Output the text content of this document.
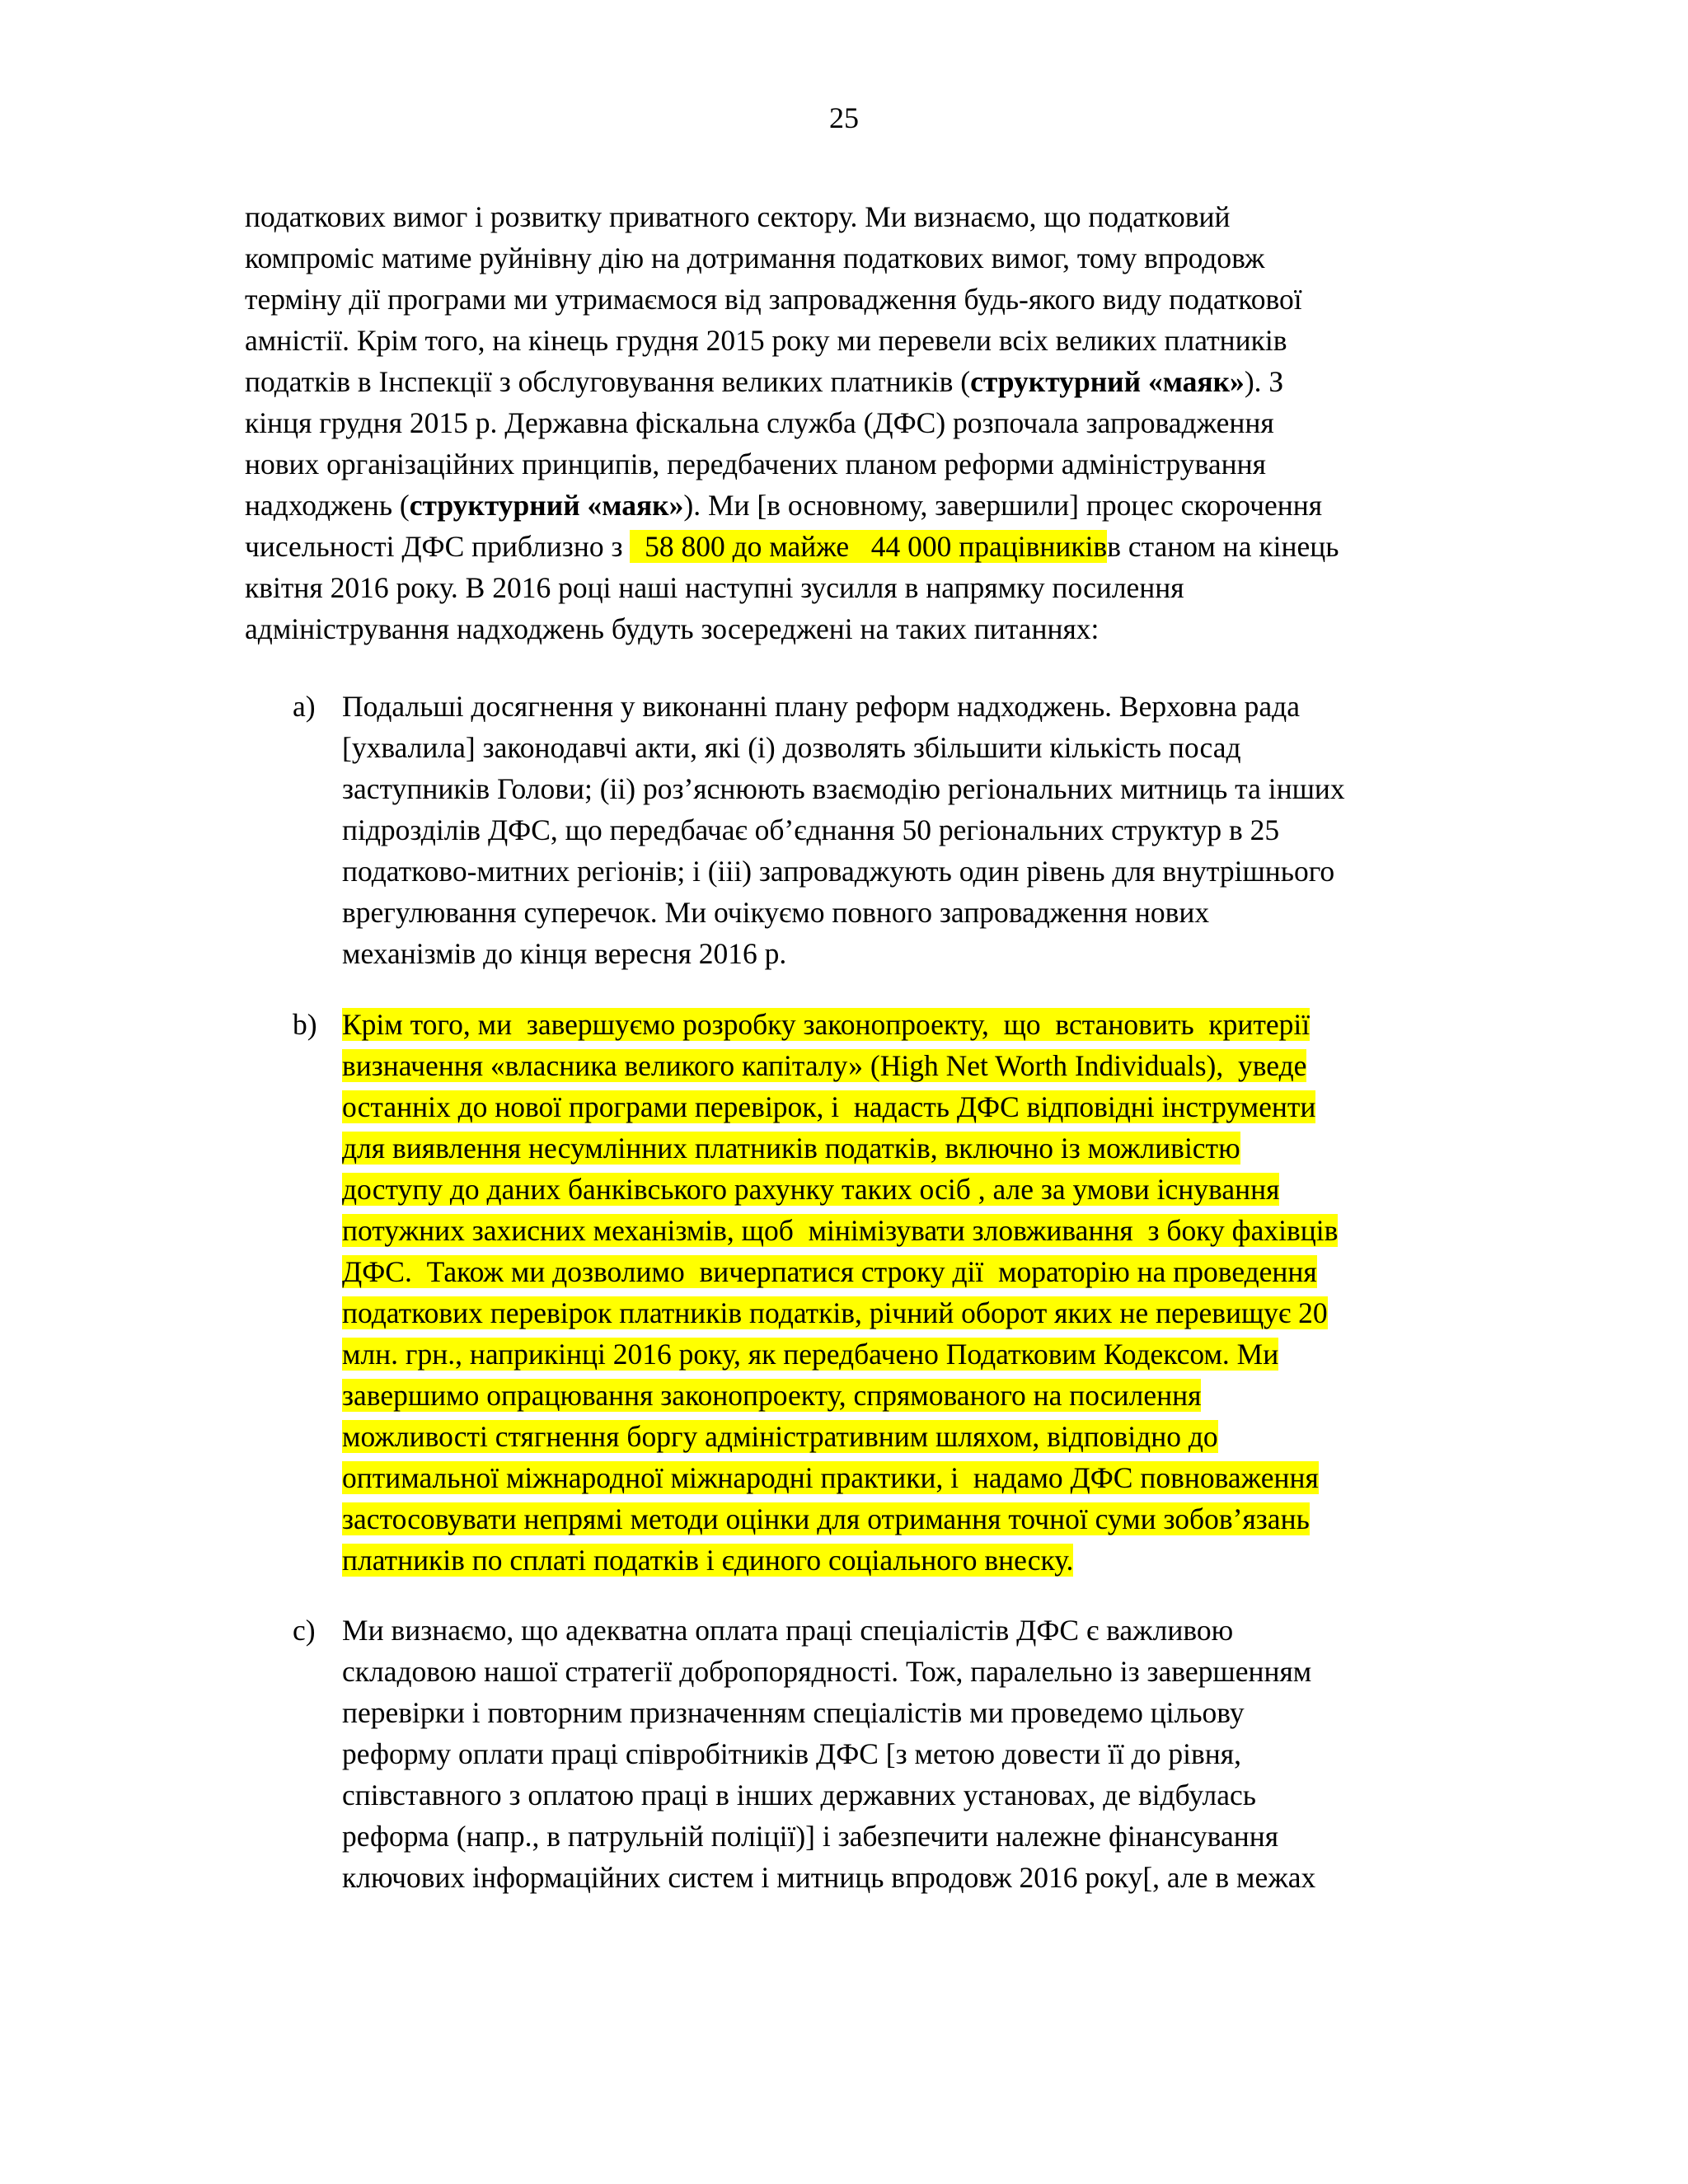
25
податкових вимог і розвитку приватного сектору. Ми визнаємо, що податковий
компроміс матиме руйнівну дію на дотримання податкових вимог, тому впродовж
терміну дії програми ми утримаємося від запровадження будь-якого виду податкової
амністії. Крім того, на кінець грудня 2015 року ми перевели всіх великих платників
податків в Інспекції з обслуговування великих платників (структурний «маяк»). З
кінця грудня 2015 р. Державна фіскальна служба (ДФС) розпочала запровадження
нових організаційних принципів, передбачених планом реформи адміністрування
надходжень (структурний «маяк»). Ми [в основному, завершили] процес скорочення
чисельності ДФС приблизно з   58 800 до майже   44 000 працівниківв станом на кінець
квітня 2016 року. В 2016 році наші наступні зусилля в напрямку посилення
адміністрування надходжень будуть зосереджені на таких питаннях:
a) Подальші досягнення у виконанні плану реформ надходжень. Верховна рада
[ухвалила] законодавчі акти, які (i) дозволять збільшити кількість посад
заступників Голови; (ii) роз’яснюють взаємодію регіональних митниць та інших
підрозділів ДФС, що передбачає об’єднання 50 регіональних структур в 25
податково-митних регіонів; і (iii) запроваджують один рівень для внутрішнього
врегулювання суперечок. Ми очікуємо повного запровадження нових
механізмів до кінця вересня 2016 р.
b) Крім того, ми  завершуємо розробку законопроекту,  що  встановить  критерії
визначення «власника великого капіталу» (High Net Worth Individuals),  уведе
останніх до нової програми перевірок, і  надасть ДФС відповідні інструменти
для виявлення несумлінних платників податків, включно із можливістю
доступу до даних банківського рахунку таких осіб , але за умови існування
потужних захисних механізмів, щоб  мінімізувати зловживання  з боку фахівців
ДФС.  Також ми дозволимо  вичерпатися строку дії  мораторію на проведення
податкових перевірок платників податків, річний оборот яких не перевищує 20
млн. грн., наприкінці 2016 року, як передбачено Податковим Кодексом. Ми
завершимо опрацювання законопроекту, спрямованого на посилення
можливості стягнення боргу адміністративним шляхом, відповідно до
оптимальної міжнародної міжнародні практики, і  надамо ДФС повноваження
застосовувати непрямі методи оцінки для отримання точної суми зобов’язань
платників по сплаті податків і єдиного соціального внеску.
c) Ми визнаємо, що адекватна оплата праці спеціалістів ДФС є важливою
складовою нашої стратегії добропорядності. Тож, паралельно із завершенням
перевірки і повторним призначенням спеціалістів ми проведемо цільову
реформу оплати праці співробітників ДФС [з метою довести її до рівня,
співставного з оплатою праці в інших державних установах, де відбулась
реформа (напр., в патрульній поліції)] і забезпечити належне фінансування
ключових інформаційних систем і митниць впродовж 2016 року[, але в межах
